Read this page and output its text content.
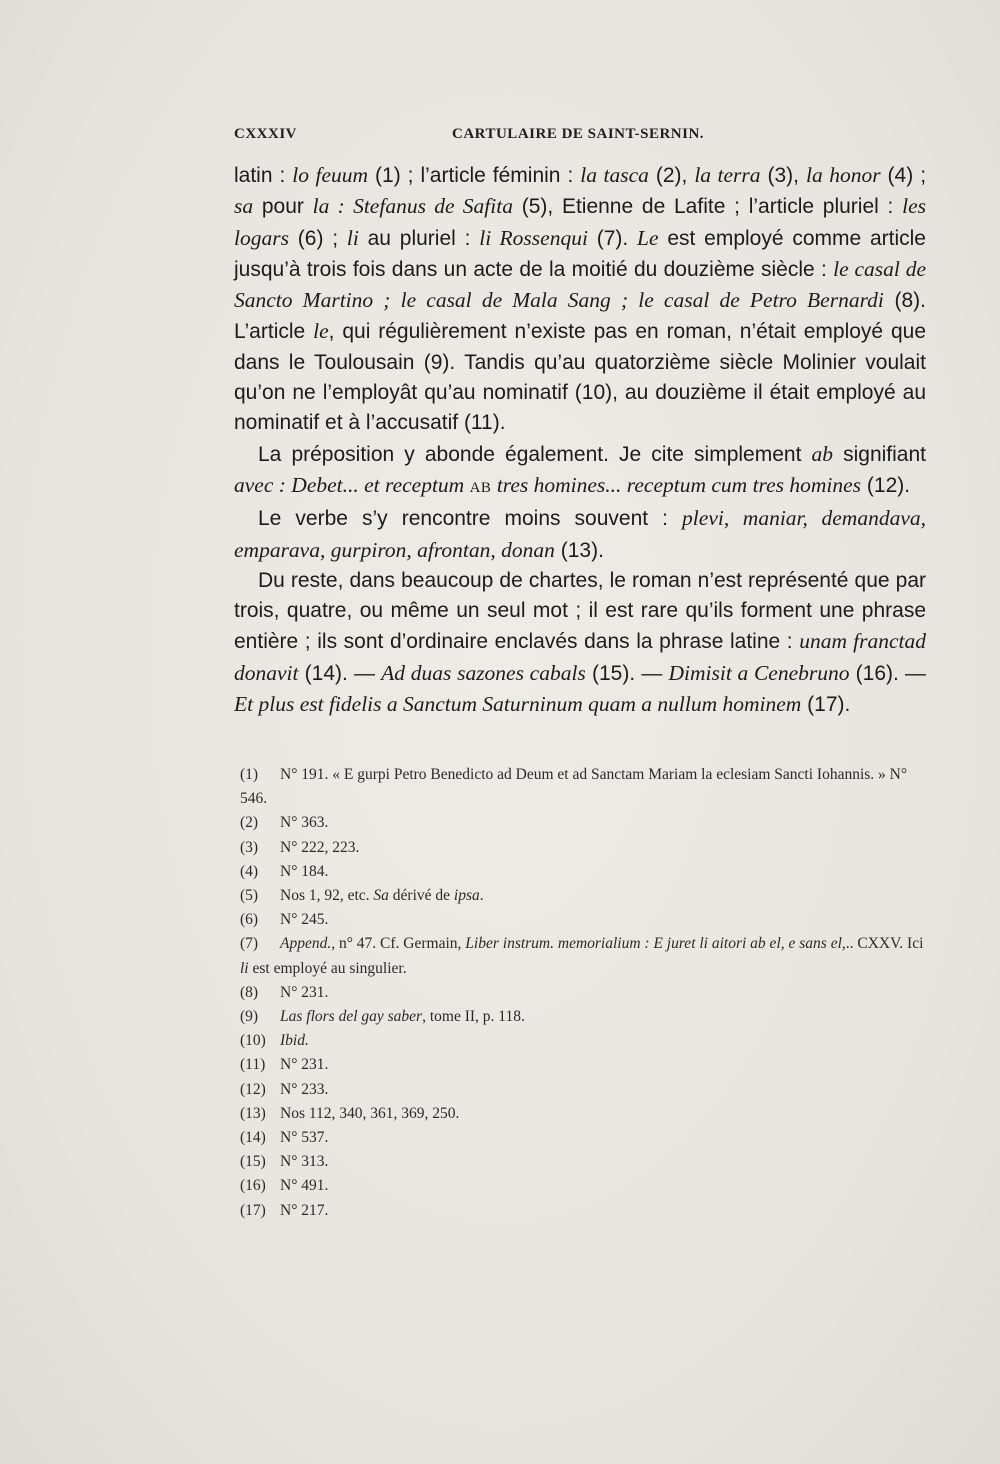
CXXXIV	CARTULAIRE DE SAINT-SERNIN.

latin : lo feuum (1) ; l’article féminin : la tasca (2), la terra (3), la honor (4) ; sa pour la : Stefanus de Safita (5), Etienne de Lafite ; l’article pluriel : les logars (6) ; li au pluriel : li Rossenqui (7). Le est employé comme article jusqu’à trois fois dans un acte de la moitié du douzième siècle : le casal de Sancto Martino ; le casal de Mala Sang ; le casal de Petro Bernardi (8). L’article le, qui régulièrement n’existe pas en roman, n’était employé que dans le Toulousain (9). Tandis qu’au quatorzième siècle Molinier voulait qu’on ne l’employât qu’au nominatif (10), au douzième il était employé au nominatif et à l’accusatif (11).

La préposition y abonde également. Je cite simplement ab signifiant avec : Debet... et receptum AB tres homines... receptum cum tres homines (12).

Le verbe s’y rencontre moins souvent : plevi, maniar, demandava, emparava, gurpiron, afrontan, donan (13).

Du reste, dans beaucoup de chartes, le roman n’est représenté que par trois, quatre, ou même un seul mot ; il est rare qu’ils forment une phrase entière ; ils sont d’ordinaire enclavés dans la phrase latine : unam franctad donavit (14). — Ad duas sazones cabals (15). — Dimisit a Cenebruno (16). — Et plus est fidelis a Sanctum Saturninum quam a nullum hominem (17).

(1) N° 191. « E gurpi Petro Benedicto ad Deum et ad Sanctam Mariam la eclesiam Sancti Iohannis. » N° 546.

(2) N° 363.

(3) N° 222, 223.

(4) N° 184.

(5) Nos 1, 92, etc. Sa dérivé de ipsa.

(6) N° 245.

(7) Append., n° 47. Cf. Germain, Liber instrum. memorialium : E juret li aitori ab el, e sans el,.. CXXV. Ici li est employé au singulier.

(8) N° 231.

(9) Las flors del gay saber, tome II, p. 118.

(10) Ibid.

(11) N° 231.

(12) N° 233.

(13) Nos 112, 340, 361, 369, 250.

(14) N° 537.

(15) N° 313.

(16) N° 491.

(17) N° 217.
